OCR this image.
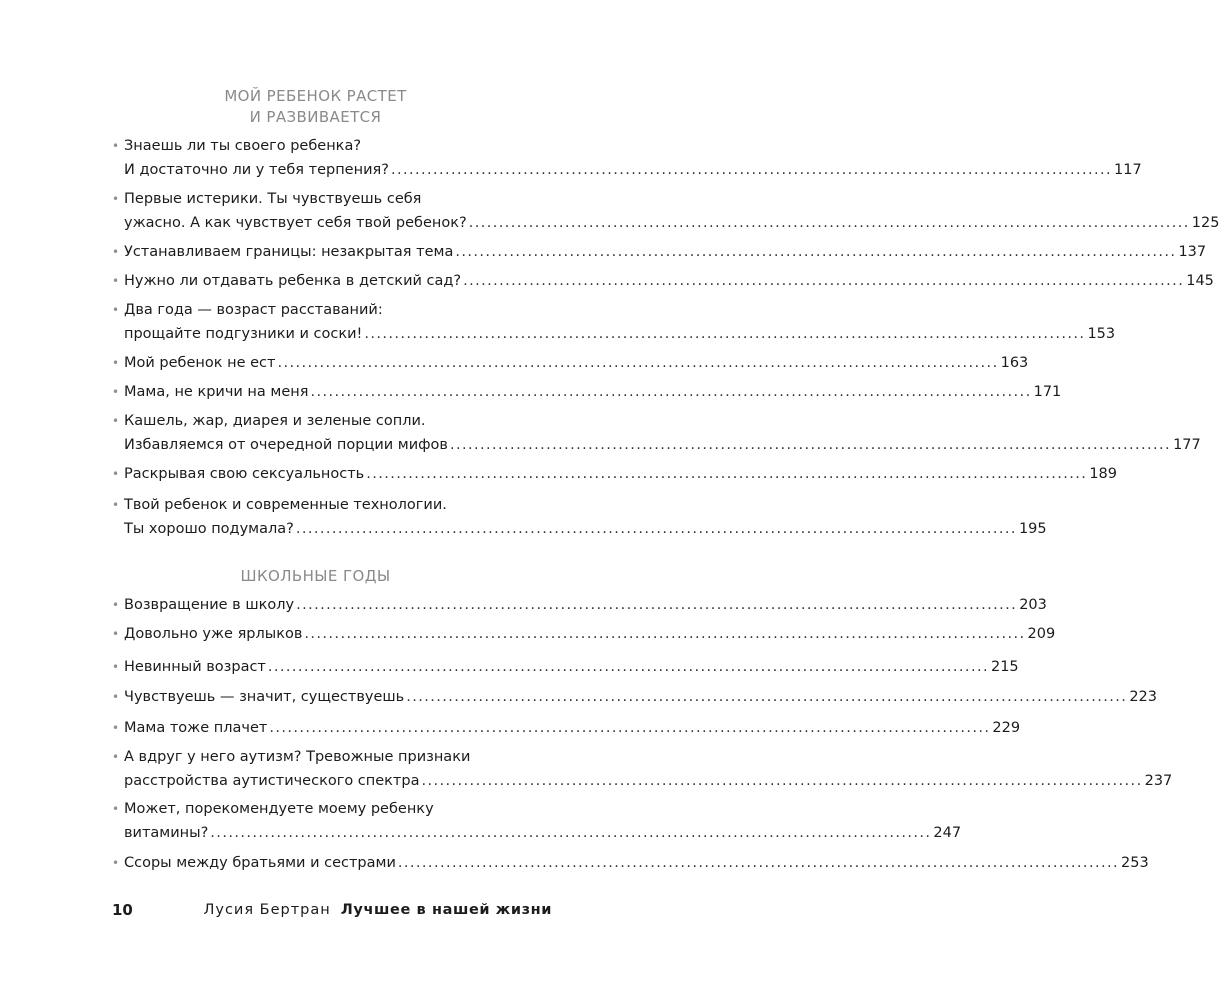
МОЙ РЕБЕНОК РАСТЕТ
И РАЗВИВАЕТСЯ
• Знаешь ли ты своего ребенка?
И достаточно ли у тебя терпения? ........................................................................................................................ 117
• Первые истерики. Ты чувствуешь себя
ужасно. А как чувствует себя твой ребенок? ........................................................................................................................ 125
• Устанавливаем границы: незакрытая тема ........................................................................................................................ 137
• Нужно ли отдавать ребенка в детский сад? ........................................................................................................................ 145
• Два года — возраст расставаний:
прощайте подгузники и соски! ........................................................................................................................ 153
• Мой ребенок не ест ........................................................................................................................ 163
• Мама, не кричи на меня ........................................................................................................................ 171
• Кашель, жар, диарея и зеленые сопли.
Избавляемся от очередной порции мифов ........................................................................................................................ 177
• Раскрывая свою сексуальность ........................................................................................................................ 189
• Твой ребенок и современные технологии.
Ты хорошо подумала? ........................................................................................................................ 195
ШКОЛЬНЫЕ ГОДЫ
• Возвращение в школу ........................................................................................................................ 203
• Довольно уже ярлыков ........................................................................................................................ 209
• Невинный возраст ........................................................................................................................ 215
• Чувствуешь — значит, существуешь ........................................................................................................................ 223
• Мама тоже плачет ........................................................................................................................ 229
• А вдруг у него аутизм? Тревожные признаки
расстройства аутистического спектра ........................................................................................................................ 237
• Может, порекомендуете моему ребенку
витамины? ........................................................................................................................ 247
• Ссоры между братьями и сестрами ........................................................................................................................ 253
10	Лусия Бертран Лучшее в нашей жизни
